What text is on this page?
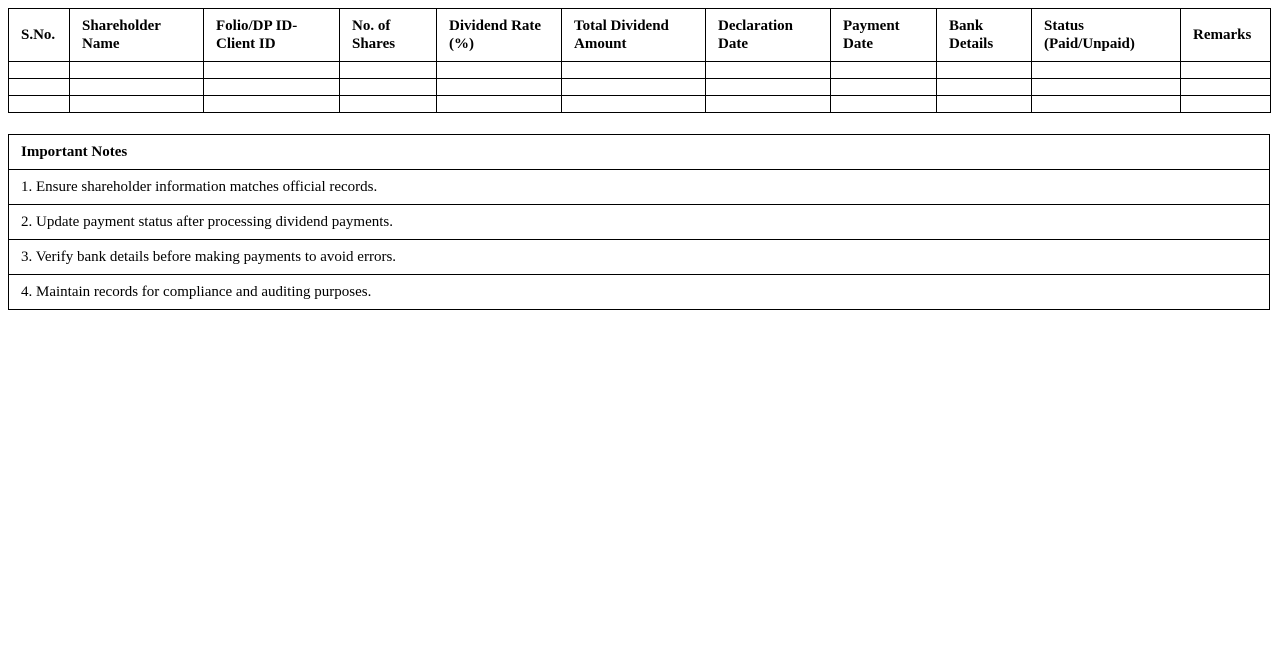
S.No.	Shareholder Name	Folio/DP ID-Client ID	No. of Shares	Dividend Rate (%)	Total Dividend Amount	Declaration Date	Payment Date	Bank Details	Status (Paid/Unpaid)	Remarks

Important Notes
1. Ensure shareholder information matches official records.
2. Update payment status after processing dividend payments.
3. Verify bank details before making payments to avoid errors.
4. Maintain records for compliance and auditing purposes.
